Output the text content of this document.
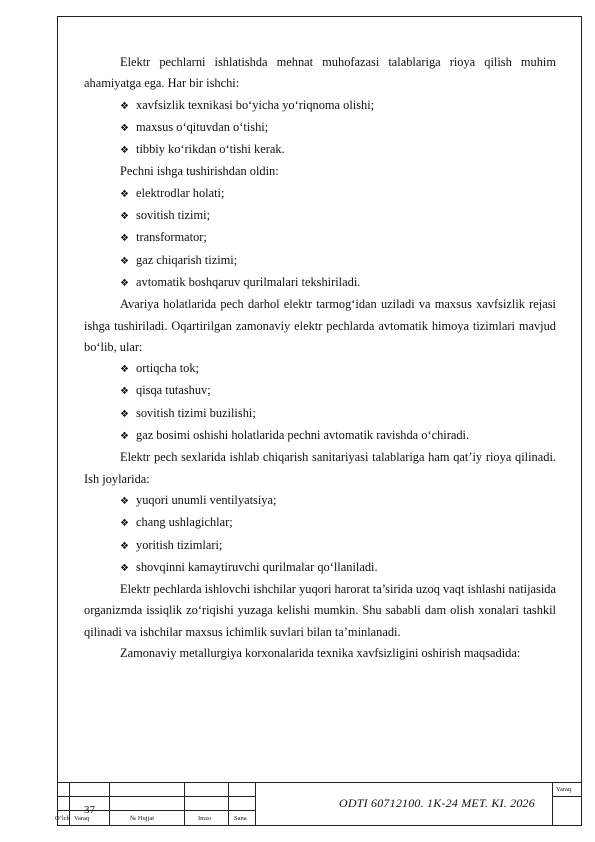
Elektr pechlarni ishlatishda mehnat muhofazasi talablariga rioya qilish muhim ahamiyatga ega. Har bir ishchi:

❖ xavfsizlik texnikasi bo‘yicha yo‘riqnoma olishi;

❖ maxsus o‘qituvdan o‘tishi;

❖ tibbiy ko‘rikdan o‘tishi kerak.

Pechni ishga tushirishdan oldin:

❖ elektrodlar holati;

❖ sovitish tizimi;

❖ transformator;

❖ gaz chiqarish tizimi;

❖ avtomatik boshqaruv qurilmalari tekshiriladi.

Avariya holatlarida pech darhol elektr tarmog‘idan uziladi va maxsus xavfsizlik rejasi ishga tushiriladi. Oqartirilgan zamonaviy elektr pechlarda avtomatik himoya tizimlari mavjud bo‘lib, ular:

❖ ortiqcha tok;

❖ qisqa tutashuv;

❖ sovitish tizimi buzilishi;

❖ gaz bosimi oshishi holatlarida pechni avtomatik ravishda o‘chiradi.

Elektr pech sexlarida ishlab chiqarish sanitariyasi talablariga ham qat’iy rioya qilinadi. Ish joylarida:

❖ yuqori unumli ventilyatsiya;

❖ chang ushlagichlar;

❖ yoritish tizimlari;

❖ shovqinni kamaytiruvchi qurilmalar qo‘llaniladi.

Elektr pechlarda ishlovchi ishchilar yuqori harorat ta’sirida uzoq vaqt ishlashi natijasida organizmda issiqlik zo‘riqishi yuzaga kelishi mumkin. Shu sababli dam olish xonalari tashkil qilinadi va ishchilar maxsus ichimlik suvlari bilan ta’minlanadi.

Zamonaviy metallurgiya korxonalarida texnika xavfsizligini oshirish maqsadida:

37	ODTI 60712100. 1K-24 MET. KI. 2026
Varaq
O‘lch Varaq	№ Hujjat	Imzo	Sana
